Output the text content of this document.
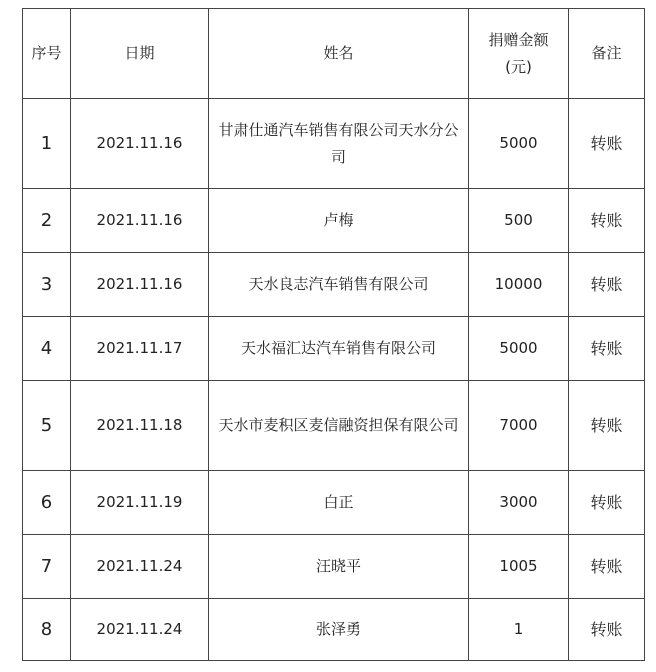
序号	日期	姓名	捐赠金额(元)	备注
1	2021.11.16	甘肃仕通汽车销售有限公司天水分公司	5000	转账
2	2021.11.16	卢梅	500	转账
3	2021.11.16	天水良志汽车销售有限公司	10000	转账
4	2021.11.17	天水福汇达汽车销售有限公司	5000	转账
5	2021.11.18	天水市麦积区麦信融资担保有限公司	7000	转账
6	2021.11.19	白正	3000	转账
7	2021.11.24	汪晓平	1005	转账
8	2021.11.24	张泽勇	1	转账
